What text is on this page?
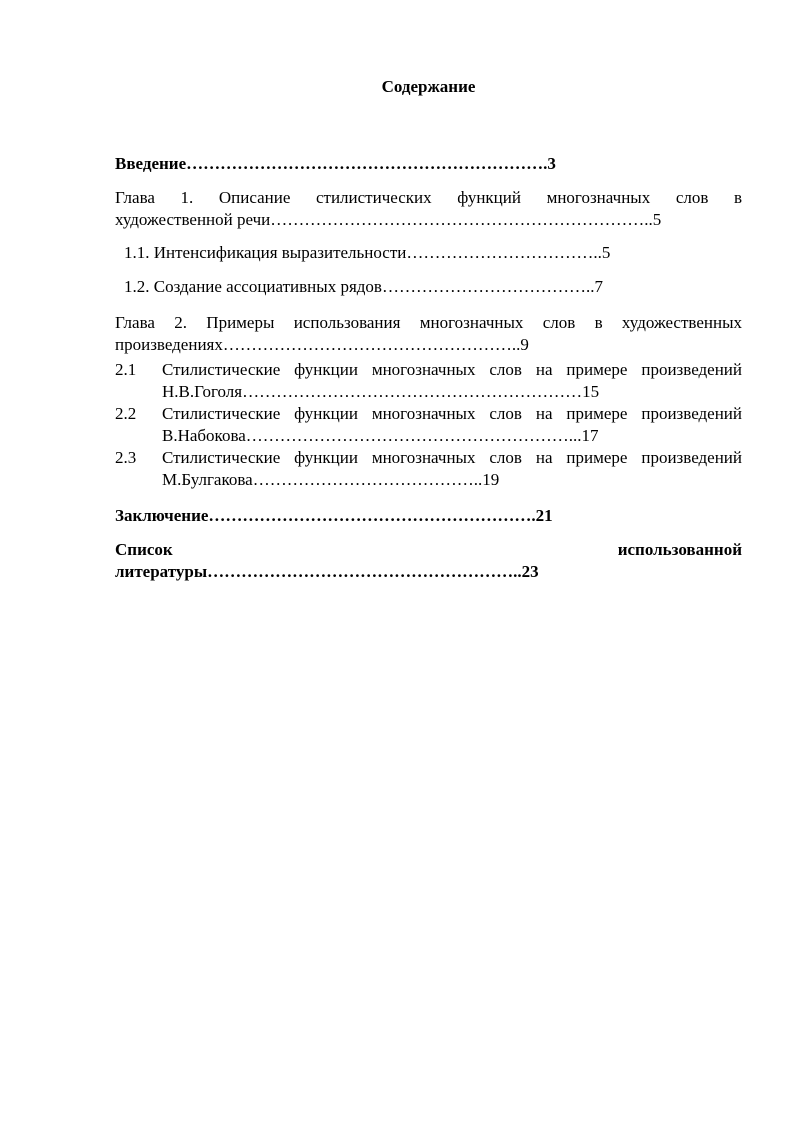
Содержание

Введение……………………………………………………….3

Глава 1. Описание стилистических функций многозначных слов в
художественной речи…………………………………………………………..5

1.1. Интенсификация выразительности……………………………..5

1.2. Создание ассоциативных рядов………………………………..7

Глава 2. Примеры использования многозначных слов в художественных
произведениях……………………………………………..9
2.1 Стилистические функции многозначных слов на примере произведений
Н.В.Гоголя……………………………………………………15
2.2 Стилистические функции многозначных слов на примере произведений
В.Набокова…………………………………………………...17
2.3 Стилистические функции многозначных слов на примере произведений
М.Булгакова…………………………………..19

Заключение………………………………………………….21

Список	использованной
литературы………………………………………………..23
